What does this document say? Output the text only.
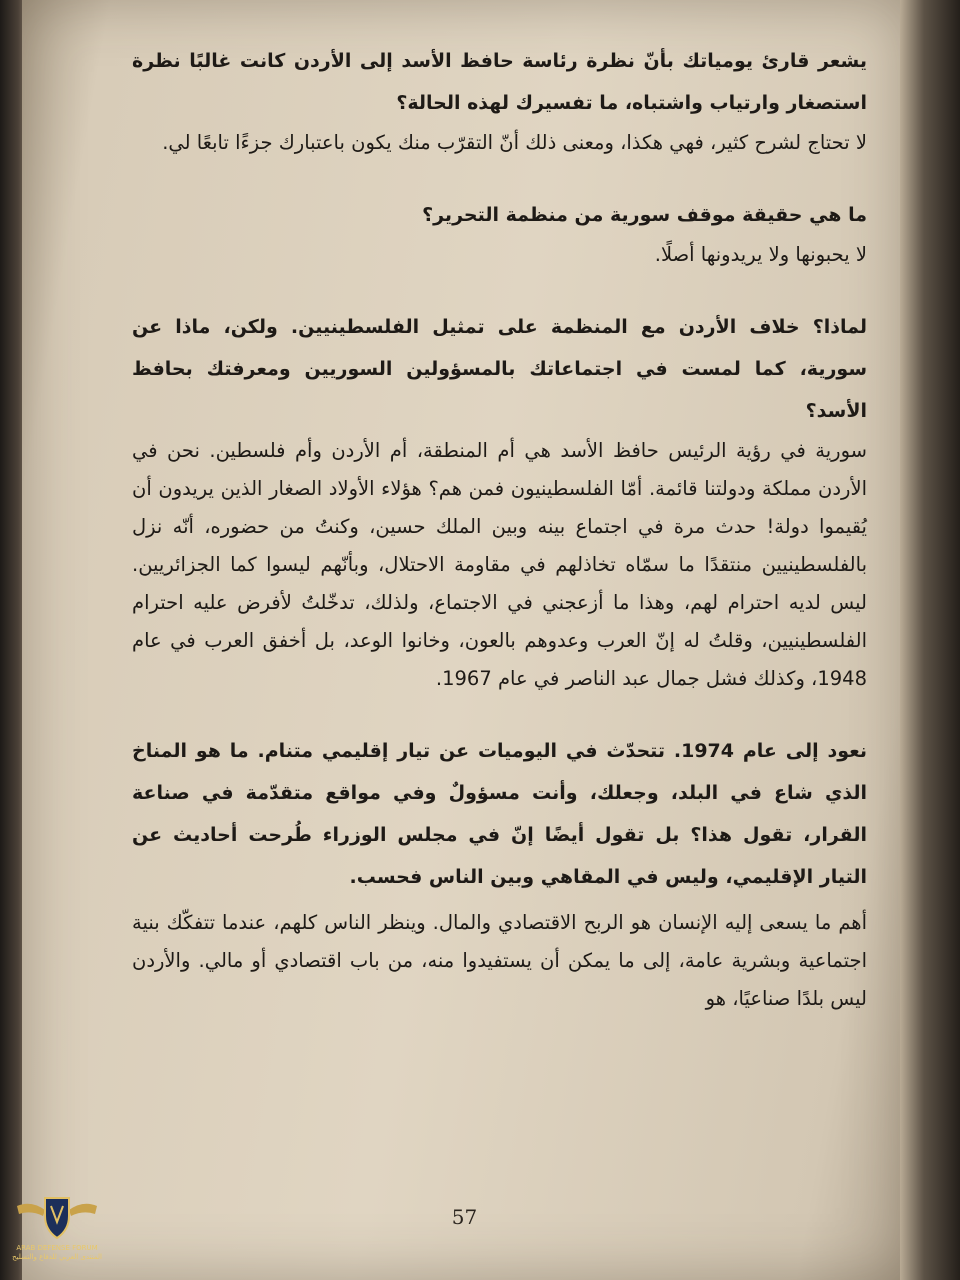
يشعر قارئ يومياتك بأنّ نظرة رئاسة حافظ الأسد إلى الأردن كانت غالبًا نظرة استصغار وارتياب واشتباه، ما تفسيرك لهذه الحالة؟

لا تحتاج لشرح كثير، فهي هكذا، ومعنى ذلك أنّ التقرّب منك يكون باعتبارك جزءًا تابعًا لي.

ما هي حقيقة موقف سورية من منظمة التحرير؟

لا يحبونها ولا يريدونها أصلًا.

لماذا؟ خلاف الأردن مع المنظمة على تمثيل الفلسطينيين. ولكن، ماذا عن سورية، كما لمست في اجتماعاتك بالمسؤولين السوريين ومعرفتك بحافظ الأسد؟

سورية في رؤية الرئيس حافظ الأسد هي أم المنطقة، أم الأردن وأم فلسطين. نحن في الأردن مملكة ودولتنا قائمة. أمّا الفلسطينيون فمن هم؟ هؤلاء الأولاد الصغار الذين يريدون أن يُقيموا دولة! حدث مرة في اجتماع بينه وبين الملك حسين، وكنتُ من حضوره، أنّه نزل بالفلسطينيين منتقدًا ما سمّاه تخاذلهم في مقاومة الاحتلال، وبأنّهم ليسوا كما الجزائريين. ليس لديه احترام لهم، وهذا ما أزعجني في الاجتماع، ولذلك، تدخّلتُ لأفرض عليه احترام الفلسطينيين، وقلتُ له إنّ العرب وعدوهم بالعون، وخانوا الوعد، بل أخفق العرب في عام 1948، وكذلك فشل جمال عبد الناصر في عام 1967.

نعود إلى عام 1974. تتحدّث في اليوميات عن تيار إقليمي متنام. ما هو المناخ الذي شاع في البلد، وجعلك، وأنت مسؤولٌ وفي مواقع متقدّمة في صناعة القرار، تقول هذا؟ بل تقول أيضًا إنّ في مجلس الوزراء طُرحت أحاديث عن التيار الإقليمي، وليس في المقاهي وبين الناس فحسب.

أهم ما يسعى إليه الإنسان هو الربح الاقتصادي والمال. وينظر الناس كلهم، عندما تتفكّك بنية اجتماعية وبشرية عامة، إلى ما يمكن أن يستفيدوا منه، من باب اقتصادي أو مالي. والأردن ليس بلدًا صناعيًا، هو

57
ARAB DEFENSE FORUM
المنتدى العربي للدفاع والتسليح
